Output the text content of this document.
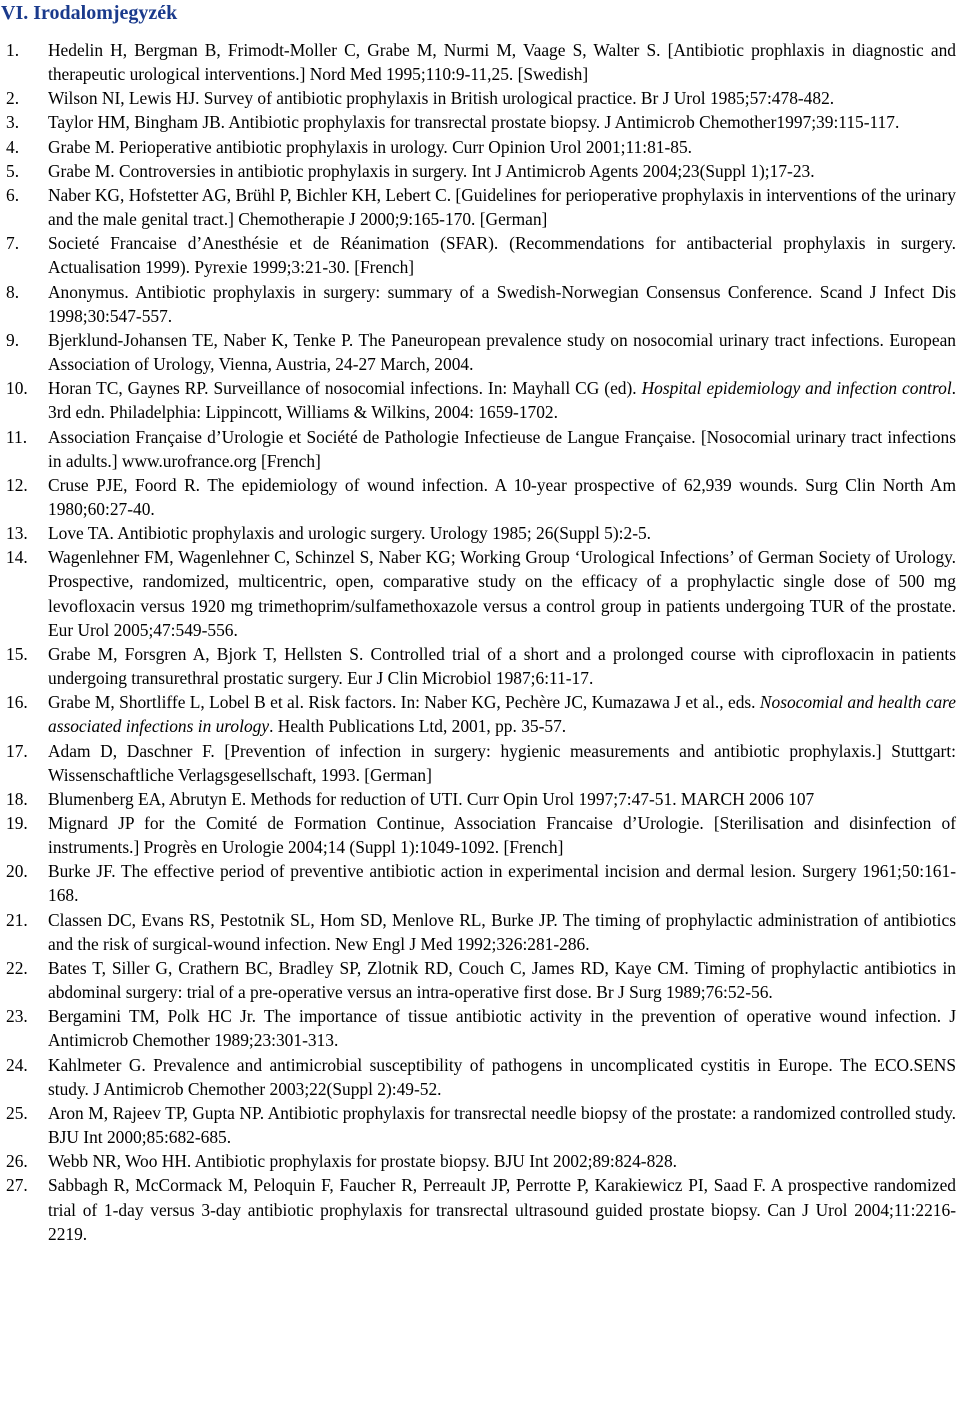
VI. Irodalomjegyzék
1. Hedelin H, Bergman B, Frimodt-Moller C, Grabe M, Nurmi M, Vaage S, Walter S. [Antibiotic prophlaxis in diagnostic and therapeutic urological interventions.] Nord Med 1995;110:9-11,25. [Swedish]
2. Wilson NI, Lewis HJ. Survey of antibiotic prophylaxis in British urological practice. Br J Urol 1985;57:478-482.
3. Taylor HM, Bingham JB. Antibiotic prophylaxis for transrectal prostate biopsy. J Antimicrob Chemother1997;39:115-117.
4. Grabe M. Perioperative antibiotic prophylaxis in urology. Curr Opinion Urol 2001;11:81-85.
5. Grabe M. Controversies in antibiotic prophylaxis in surgery. Int J Antimicrob Agents 2004;23(Suppl 1);17-23.
6. Naber KG, Hofstetter AG, Brühl P, Bichler KH, Lebert C. [Guidelines for perioperative prophylaxis in interventions of the urinary and the male genital tract.] Chemotherapie J 2000;9:165-170. [German]
7. Societé Francaise d’Anesthésie et de Réanimation (SFAR). (Recommendations for antibacterial prophylaxis in surgery. Actualisation 1999). Pyrexie 1999;3:21-30. [French]
8. Anonymus. Antibiotic prophylaxis in surgery: summary of a Swedish-Norwegian Consensus Conference. Scand J Infect Dis 1998;30:547-557.
9. Bjerklund-Johansen TE, Naber K, Tenke P. The Paneuropean prevalence study on nosocomial urinary tract infections. European Association of Urology, Vienna, Austria, 24-27 March, 2004.
10. Horan TC, Gaynes RP. Surveillance of nosocomial infections. In: Mayhall CG (ed). Hospital epidemiology and infection control. 3rd edn. Philadelphia: Lippincott, Williams & Wilkins, 2004: 1659-1702.
11. Association Française d’Urologie et Société de Pathologie Infectieuse de Langue Française. [Nosocomial urinary tract infections in adults.] www.urofrance.org [French]
12. Cruse PJE, Foord R. The epidemiology of wound infection. A 10-year prospective of 62,939 wounds. Surg Clin North Am 1980;60:27-40.
13. Love TA. Antibiotic prophylaxis and urologic surgery. Urology 1985; 26(Suppl 5):2-5.
14. Wagenlehner FM, Wagenlehner C, Schinzel S, Naber KG; Working Group ‘Urological Infections’ of German Society of Urology. Prospective, randomized, multicentric, open, comparative study on the efficacy of a prophylactic single dose of 500 mg levofloxacin versus 1920 mg trimethoprim/sulfamethoxazole versus a control group in patients undergoing TUR of the prostate. Eur Urol 2005;47:549-556.
15. Grabe M, Forsgren A, Bjork T, Hellsten S. Controlled trial of a short and a prolonged course with ciprofloxacin in patients undergoing transurethral prostatic surgery. Eur J Clin Microbiol 1987;6:11-17.
16. Grabe M, Shortliffe L, Lobel B et al. Risk factors. In: Naber KG, Pechère JC, Kumazawa J et al., eds. Nosocomial and health care associated infections in urology. Health Publications Ltd, 2001, pp. 35-57.
17. Adam D, Daschner F. [Prevention of infection in surgery: hygienic measurements and antibiotic prophylaxis.] Stuttgart: Wissenschaftliche Verlagsgesellschaft, 1993. [German]
18. Blumenberg EA, Abrutyn E. Methods for reduction of UTI. Curr Opin Urol 1997;7:47-51. MARCH 2006 107
19. Mignard JP for the Comité de Formation Continue, Association Francaise d’Urologie. [Sterilisation and disinfection of instruments.] Progrès en Urologie 2004;14 (Suppl 1):1049-1092. [French]
20. Burke JF. The effective period of preventive antibiotic action in experimental incision and dermal lesion. Surgery 1961;50:161-168.
21. Classen DC, Evans RS, Pestotnik SL, Hom SD, Menlove RL, Burke JP. The timing of prophylactic administration of antibiotics and the risk of surgical-wound infection. New Engl J Med 1992;326:281-286.
22. Bates T, Siller G, Crathern BC, Bradley SP, Zlotnik RD, Couch C, James RD, Kaye CM. Timing of prophylactic antibiotics in abdominal surgery: trial of a pre-operative versus an intra-operative first dose. Br J Surg 1989;76:52-56.
23. Bergamini TM, Polk HC Jr. The importance of tissue antibiotic activity in the prevention of operative wound infection. J Antimicrob Chemother 1989;23:301-313.
24. Kahlmeter G. Prevalence and antimicrobial susceptibility of pathogens in uncomplicated cystitis in Europe. The ECO.SENS study. J Antimicrob Chemother 2003;22(Suppl 2):49-52.
25. Aron M, Rajeev TP, Gupta NP. Antibiotic prophylaxis for transrectal needle biopsy of the prostate: a randomized controlled study. BJU Int 2000;85:682-685.
26. Webb NR, Woo HH. Antibiotic prophylaxis for prostate biopsy. BJU Int 2002;89:824-828.
27. Sabbagh R, McCormack M, Peloquin F, Faucher R, Perreault JP, Perrotte P, Karakiewicz PI, Saad F. A prospective randomized trial of 1-day versus 3-day antibiotic prophylaxis for transrectal ultrasound guided prostate biopsy. Can J Urol 2004;11:2216-2219.
